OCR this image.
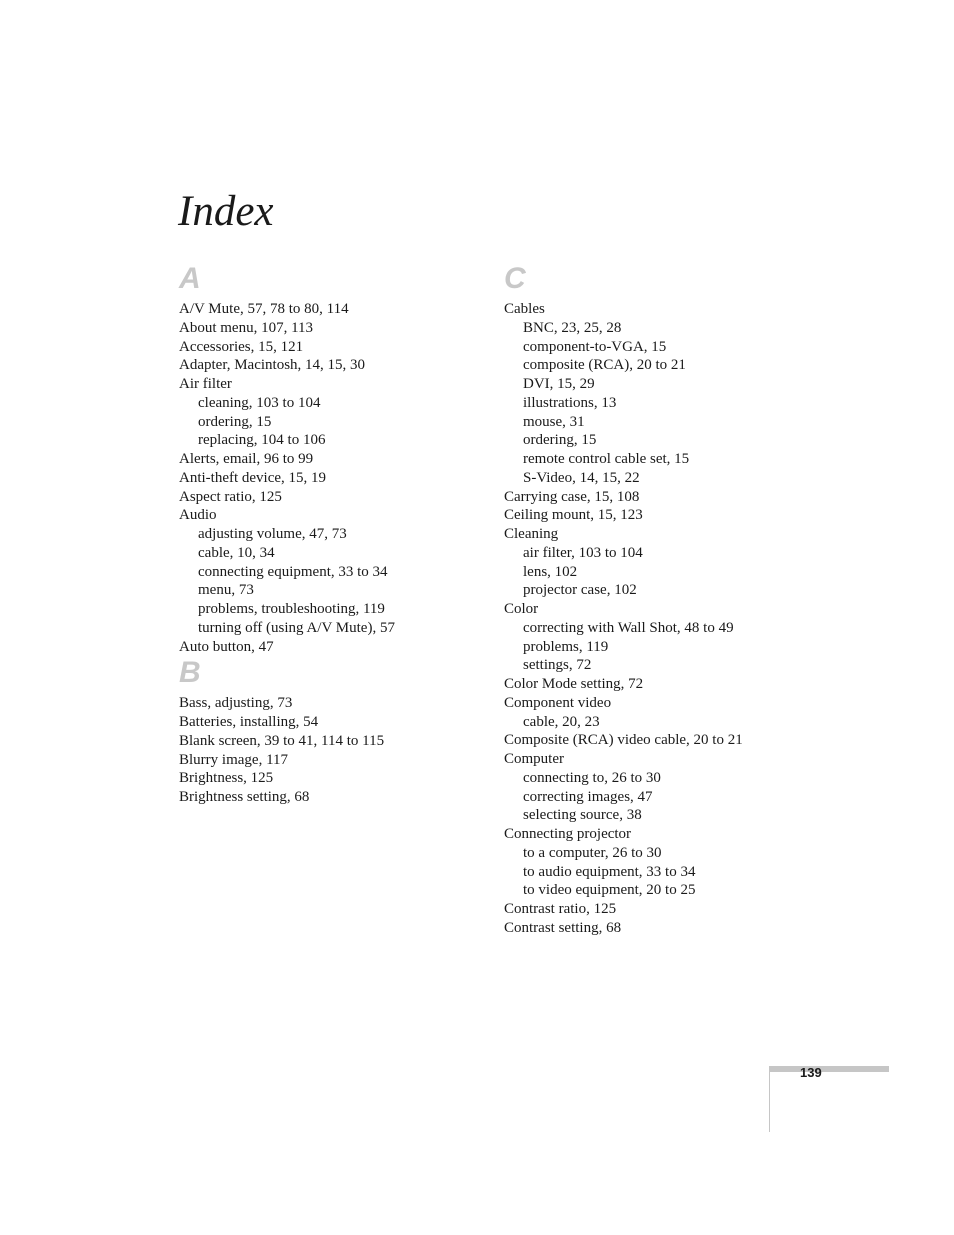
Index
A
A/V Mute, 57, 78 to 80, 114
About menu, 107, 113
Accessories, 15, 121
Adapter, Macintosh, 14, 15, 30
Air filter
cleaning, 103 to 104
ordering, 15
replacing, 104 to 106
Alerts, email, 96 to 99
Anti-theft device, 15, 19
Aspect ratio, 125
Audio
adjusting volume, 47, 73
cable, 10, 34
connecting equipment, 33 to 34
menu, 73
problems, troubleshooting, 119
turning off (using A/V Mute), 57
Auto button, 47
B
Bass, adjusting, 73
Batteries, installing, 54
Blank screen, 39 to 41, 114 to 115
Blurry image, 117
Brightness, 125
Brightness setting, 68
C
Cables
BNC, 23, 25, 28
component-to-VGA, 15
composite (RCA), 20 to 21
DVI, 15, 29
illustrations, 13
mouse, 31
ordering, 15
remote control cable set, 15
S-Video, 14, 15, 22
Carrying case, 15, 108
Ceiling mount, 15, 123
Cleaning
air filter, 103 to 104
lens, 102
projector case, 102
Color
correcting with Wall Shot, 48 to 49
problems, 119
settings, 72
Color Mode setting, 72
Component video
cable, 20, 23
Composite (RCA) video cable, 20 to 21
Computer
connecting to, 26 to 30
correcting images, 47
selecting source, 38
Connecting projector
to a computer, 26 to 30
to audio equipment, 33 to 34
to video equipment, 20 to 25
Contrast ratio, 125
Contrast setting, 68
139
